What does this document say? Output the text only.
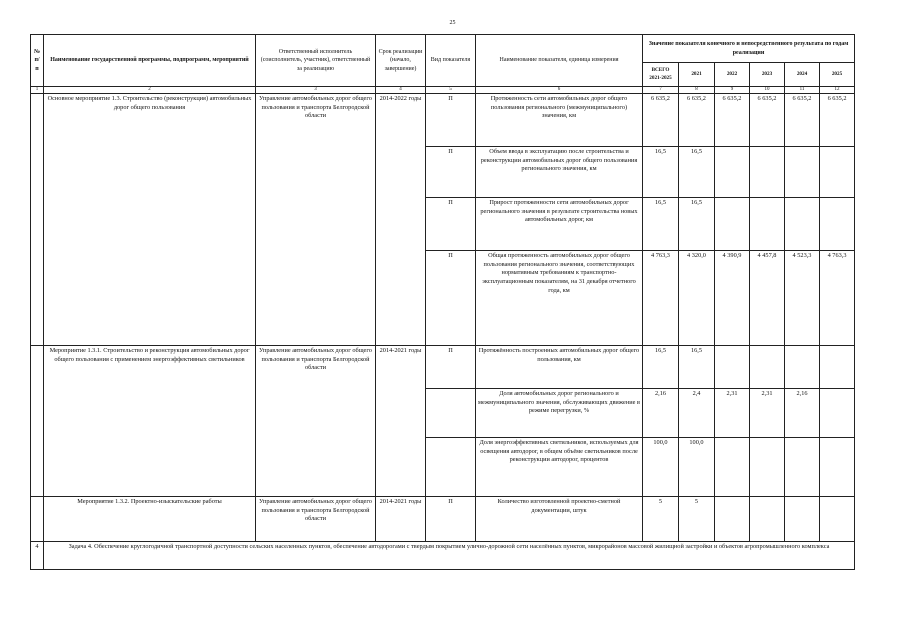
25
№ п/п	Наименование государственной программы, подпрограмм, мероприятий	Ответственный исполнитель (соисполнитель, участник), ответственный за реализацию	Срок реализации (начало, завершение)	Вид показателя	Наименование показателя, единица измерения	Значение показателя конечного и непосредственного результата по годам реализации					
						ВСЕГО 2021-2025	2021	2022	2023	2024	2025
1	2	3	4	5	6	7	8	9	10	11	12
	Основное мероприятие 1.3. Строительство (реконструкция) автомобильных дорог общего пользования	Управление автомобильных дорог общего пользования и транспорта Белгородской области	2014-2022 годы	П	Протяженность сети автомобильных дорог общего пользования регионального (межмуниципального) значения, км	6 635,2	6 635,2	6 635,2	6 635,2	6 635,2	6 635,2
				П	Объем ввода в эксплуатацию после строительства и реконструкции автомобильных дорог общего пользования регионального значения, км	16,5	16,5				
				П	Прирост протяженности сети автомобильных дорог регионального значения в результате строительства новых автомобильных дорог, км	16,5	16,5				
				П	Общая протяженность автомобильных дорог общего пользования регионального значения, соответствующих нормативным требованиям к транспортно-эксплуатационным показателям, на 31 декабря отчетного года, км	4 763,3	4 320,0	4 390,9	4 457,8	4 523,3	4 763,3
	Мероприятие 1.3.1. Строительство и реконструкция автомобильных дорог общего пользования с применением энергоэффективных светильников	Управление автомобильных дорог общего пользования и транспорта Белгородской области	2014-2021 годы	П	Протяжённость построенных автомобильных дорог общего пользования, км	16,5	16,5				
					Доля автомобильных дорог регионального и межмуниципального значения, обслуживающих движение в режиме перегрузки, %	2,16	2,4	2,31	2,31	2,16	
					Доля энергоэффективных светильников, используемых для освещения автодорог, в общем объёме светильников после реконструкции автодорог, процентов	100,0	100,0				
	Мероприятие 1.3.2. Проектно-изыскательские работы	Управление автомобильных дорог общего пользования и транспорта Белгородской области	2014-2021 годы	П	Количество изготовленной проектно-сметной документации, штук	5	5				
4	Задача 4. Обеспечение круглогодичной транспортной доступности сельских населенных пунктов, обеспечение автодорогами с твердым покрытием улично-дорожной сети населённых пунктов, микрорайонов массовой жилищной застройки и объектов агропромышленного комплекса										
